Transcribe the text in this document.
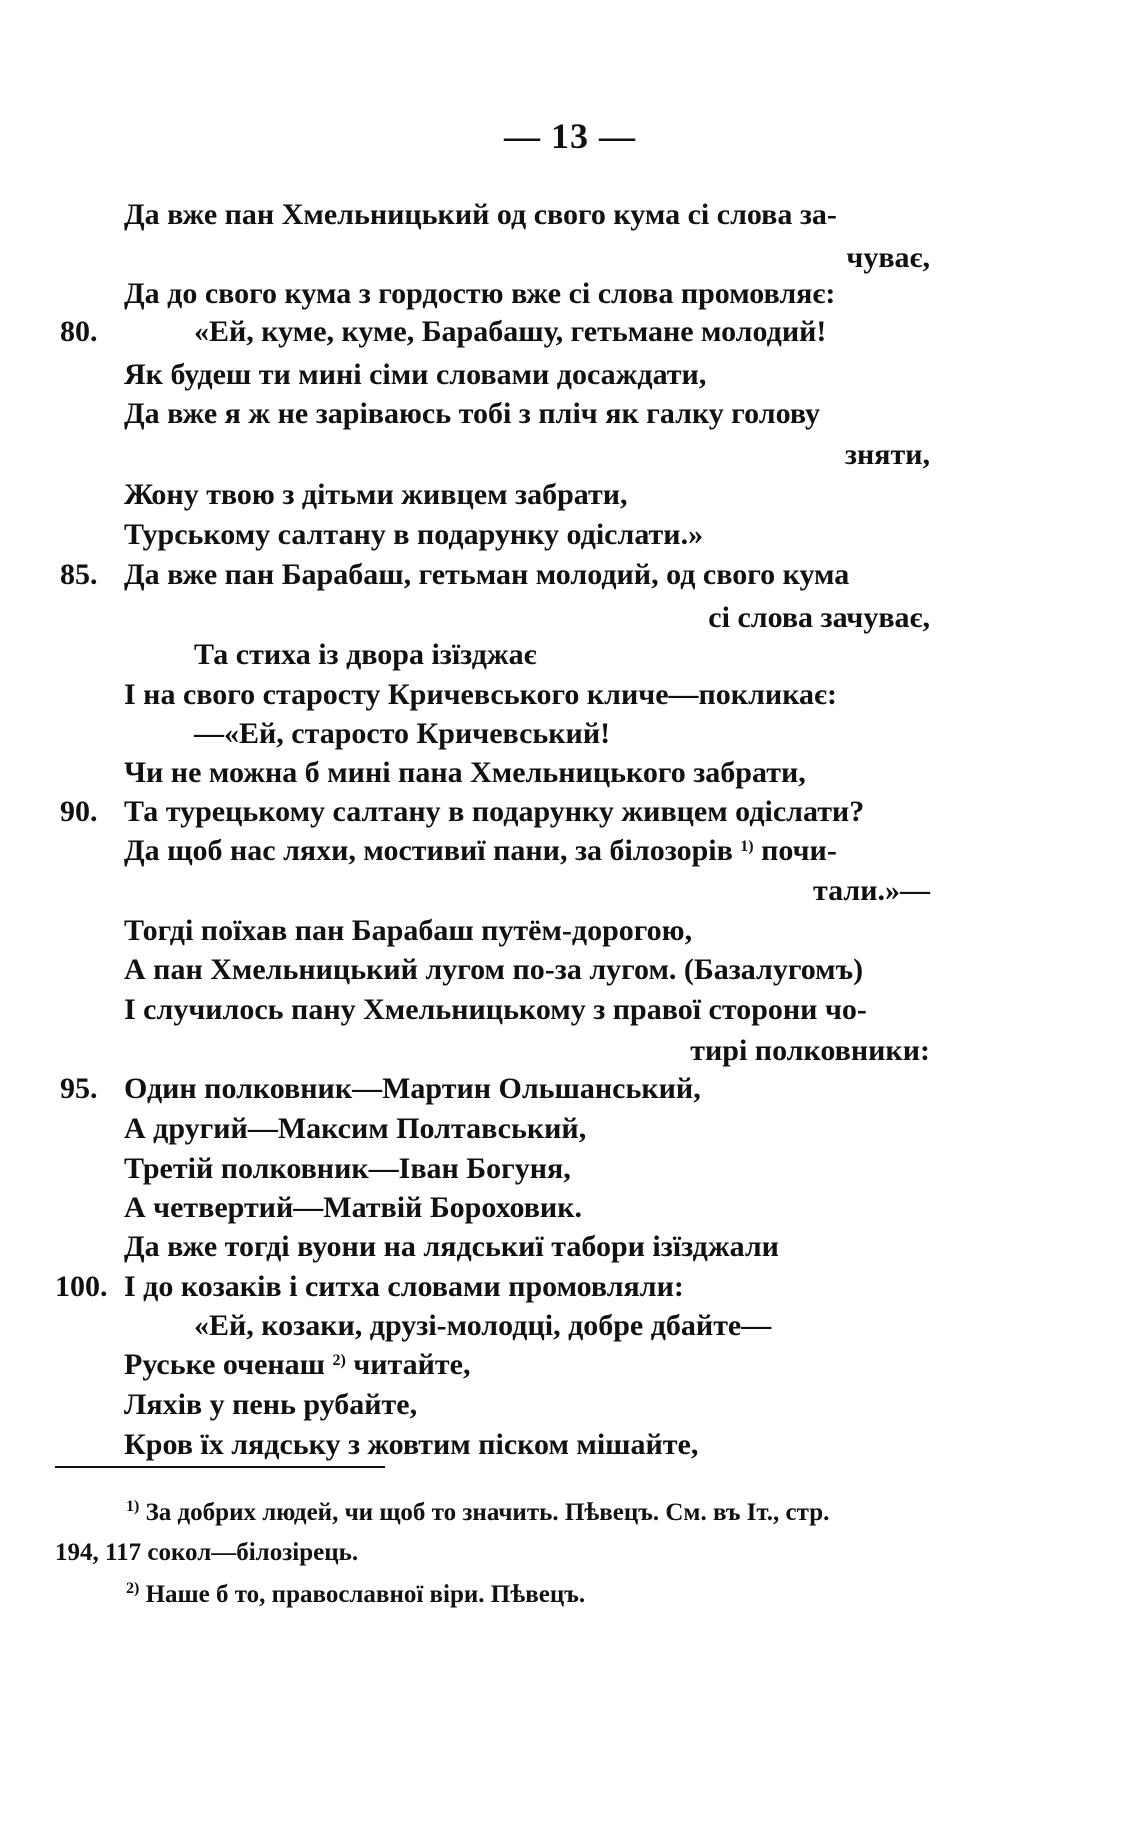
— 13 —
Да вже пан Хмельницький од свого кума сі слова за-
чуває,
Да до свого кума з гордостю вже сі слова промовляє:
80.	«Ей, куме, куме, Барабашу, гетьмане молодий!
Як будеш ти мині сіми словами досаждати,
Да вже я ж не заріваюсь тобі з пліч як галку голову
зняти,
Жону твою з дітьми живцем забрати,
Турському салтану в подарунку одіслати.»
85. Да вже пан Барабаш, гетьман молодий, од свого кума
сі слова зачуває,
Та стиха із двора ізїзджає
І на свого старосту Кричевського кличе—покликає:
—«Ей, старосто Кричевський!
Чи не можна б мині пана Хмельницького забрати,
90. Та турецькому салтану в подарунку живцем одіслати?
Да щоб нас ляхи, мостивиї пани, за білозорів $^{1)}$ почи-
тали.»—
Тогді поїхав пан Барабаш путём-дорогою,
А пан Хмельницький лугом по-за лугом. (Базалугомъ)
І случилось пану Хмельницькому з правої сторони чо-
тирі полковники:
95. Один полковник—Мартин Ольшанський,
А другий—Максим Полтавський,
Третій полковник—Іван Богуня,
А четвертий—Матвій Бороховик.
Да вже тогді вуони на лядськиї табори ізїзджали
100. І до козаків і ситха словами промовляли:
«Ей, козаки, друзі-молодці, добре дбайте—
Руське оченаш $^{2)}$ читайте,
Ляхів у пень рубайте,
Кров їх лядську з жовтим піском мішайте,
$^{1)}$ За добрих людей, чи щоб то значить. Пѣвецъ. См. въ Iт., стр.
194, 117 сокол—білозірець.
$^{2)}$ Наше б то, православної віри. Пѣвецъ.
